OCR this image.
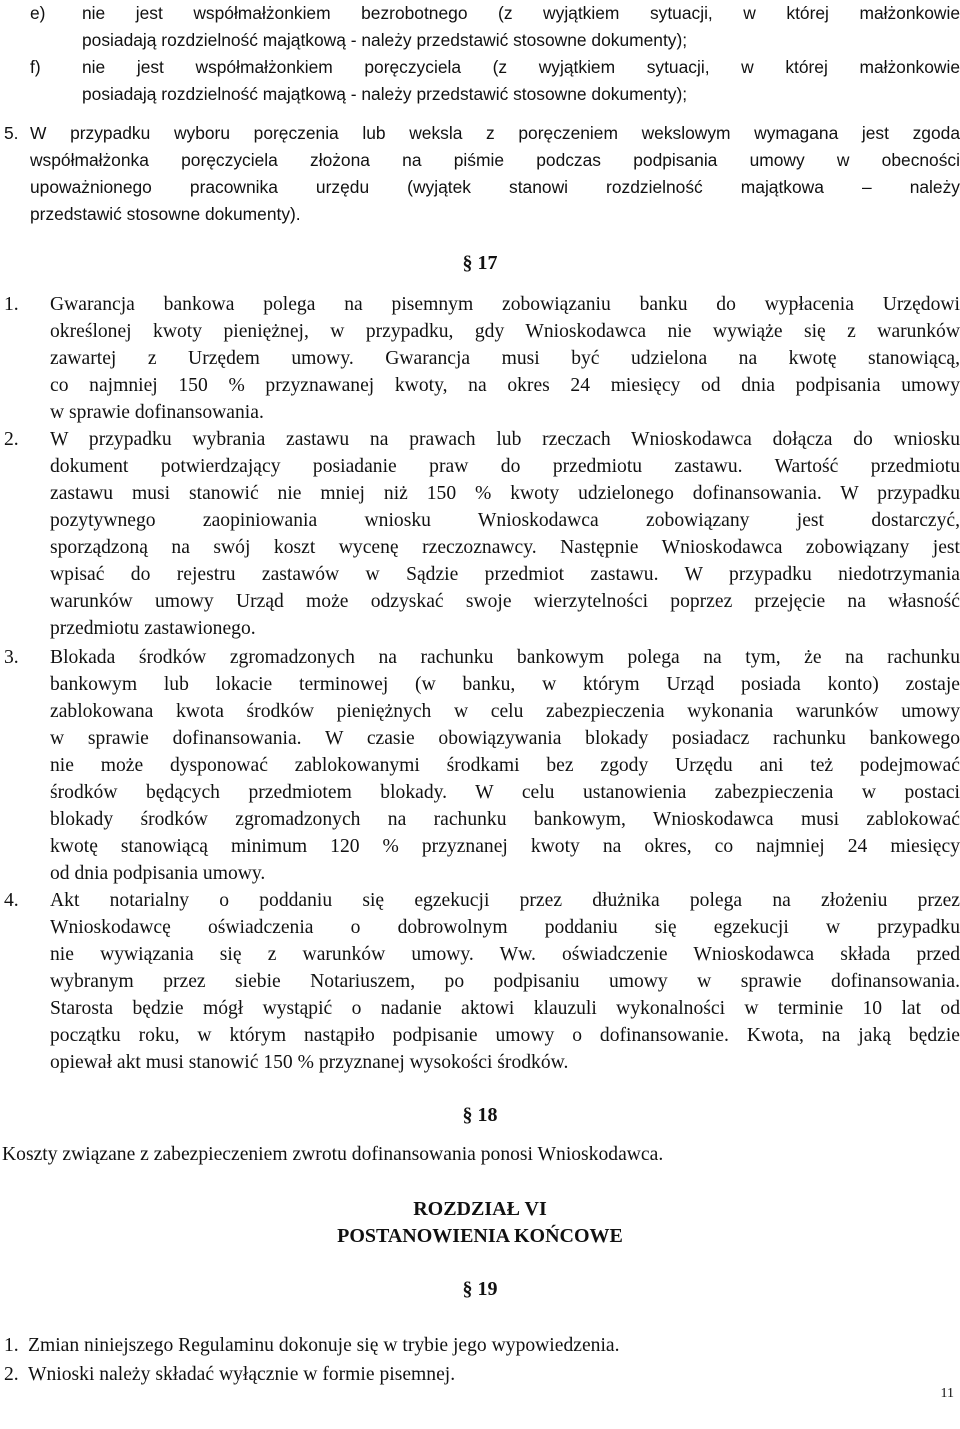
e) nie jest współmałżonkiem bezrobotnego (z wyjątkiem sytuacji, w której małżonkowie
posiadają rozdzielność majątkową - należy przedstawić stosowne dokumenty);
f) nie jest współmałżonkiem poręczyciela (z wyjątkiem sytuacji, w której małżonkowie
posiadają rozdzielność majątkową - należy przedstawić stosowne dokumenty);
5. W przypadku wyboru poręczenia lub weksla z poręczeniem wekslowym wymagana jest zgoda
współmałżonka poręczyciela złożona na piśmie podczas podpisania umowy w obecności
upoważnionego pracownika urzędu (wyjątek stanowi rozdzielność majątkowa – należy
przedstawić stosowne dokumenty).
§ 17
1. Gwarancja bankowa polega na pisemnym zobowiązaniu banku do wypłacenia Urzędowi
określonej kwoty pieniężnej, w przypadku, gdy Wnioskodawca nie wywiąże się z warunków
zawartej z Urzędem umowy. Gwarancja musi być udzielona na kwotę stanowiącą,
co najmniej 150 % przyznawanej kwoty, na okres 24 miesięcy od dnia podpisania umowy
w sprawie dofinansowania.
2. W przypadku wybrania zastawu na prawach lub rzeczach Wnioskodawca dołącza do wniosku
dokument potwierdzający posiadanie praw do przedmiotu zastawu. Wartość przedmiotu
zastawu musi stanowić nie mniej niż 150 % kwoty udzielonego dofinansowania. W przypadku
pozytywnego zaopiniowania wniosku Wnioskodawca zobowiązany jest dostarczyć,
sporządzoną na swój koszt wycenę rzeczoznawcy. Następnie Wnioskodawca zobowiązany jest
wpisać do rejestru zastawów w Sądzie przedmiot zastawu. W przypadku niedotrzymania
warunków umowy Urząd może odzyskać swoje wierzytelności poprzez przejęcie na własność
przedmiotu zastawionego.
3. Blokada środków zgromadzonych na rachunku bankowym polega na tym, że na rachunku
bankowym lub lokacie terminowej (w banku, w którym Urząd posiada konto) zostaje
zablokowana kwota środków pieniężnych w celu zabezpieczenia wykonania warunków umowy
w sprawie dofinansowania. W czasie obowiązywania blokady posiadacz rachunku bankowego
nie może dysponować zablokowanymi środkami bez zgody Urzędu ani też podejmować
środków będących przedmiotem blokady. W celu ustanowienia zabezpieczenia w postaci
blokady środków zgromadzonych na rachunku bankowym, Wnioskodawca musi zablokować
kwotę stanowiącą minimum 120 % przyznanej kwoty na okres, co najmniej 24 miesięcy
od dnia podpisania umowy.
4. Akt notarialny o poddaniu się egzekucji przez dłużnika polega na złożeniu przez
Wnioskodawcę oświadczenia o dobrowolnym poddaniu się egzekucji w przypadku
nie wywiązania się z warunków umowy. Ww. oświadczenie Wnioskodawca składa przed
wybranym przez siebie Notariuszem, po podpisaniu umowy w sprawie dofinansowania.
Starosta będzie mógł wystąpić o nadanie aktowi klauzuli wykonalności w terminie 10 lat od
początku roku, w którym nastąpiło podpisanie umowy o dofinansowanie. Kwota, na jaką będzie
opiewał akt musi stanowić 150 % przyznanej wysokości środków.
§ 18
Koszty związane z zabezpieczeniem zwrotu dofinansowania ponosi Wnioskodawca.
ROZDZIAŁ VI
POSTANOWIENIA KOŃCOWE
§ 19
1. Zmian niniejszego Regulaminu dokonuje się w trybie jego wypowiedzenia.
2. Wnioski należy składać wyłącznie w formie pisemnej.
11
